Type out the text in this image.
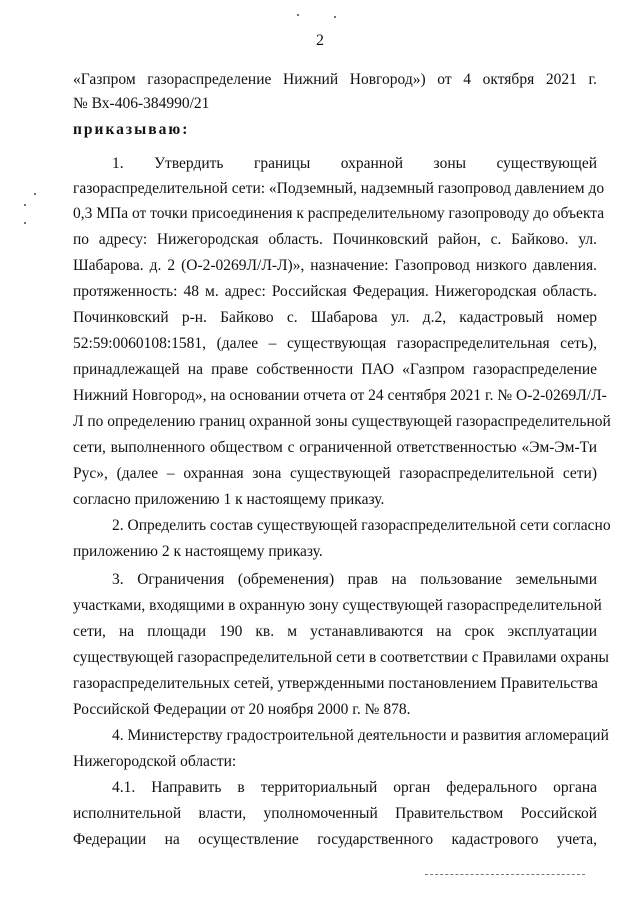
2
«Газпром газораспределение Нижний Новгород») от 4 октября 2021 г.
№ Вх-406-384990/21
приказываю:
1. Утвердить границы охранной зоны существующей
газораспределительной сети: «Подземный, надземный газопровод давлением до
0,3 МПа от точки присоединения к распределительному газопроводу до объекта
по адресу: Нижегородская область. Починковский район, с. Байково. ул.
Шабарова. д. 2 (О-2-0269Л/Л-Л)», назначение: Газопровод низкого давления.
протяженность: 48 м. адрес: Российская Федерация. Нижегородская область.
Починковский р-н. Байково с. Шабарова ул. д.2, кадастровый номер
52:59:0060108:1581, (далее – существующая газораспределительная сеть),
принадлежащей на праве собственности ПАО «Газпром газораспределение
Нижний Новгород», на основании отчета от 24 сентября 2021 г. № О-2-0269Л/Л-
Л по определению границ охранной зоны существующей газораспределительной
сети, выполненного обществом с ограниченной ответственностью «Эм-Эм-Ти
Рус», (далее – охранная зона существующей газораспределительной сети)
согласно приложению 1 к настоящему приказу.
2. Определить состав существующей газораспределительной сети согласно
приложению 2 к настоящему приказу.
3. Ограничения (обременения) прав на пользование земельными
участками, входящими в охранную зону существующей газораспределительной
сети, на площади 190 кв. м устанавливаются на срок эксплуатации
существующей газораспределительной сети в соответствии с Правилами охраны
газораспределительных сетей, утвержденными постановлением Правительства
Российской Федерации от 20 ноября 2000 г. № 878.
4. Министерству градостроительной деятельности и развития агломераций
Нижегородской области:
4.1. Направить в территориальный орган федерального органа
исполнительной власти, уполномоченный Правительством Российской
Федерации на осуществление государственного кадастрового учета,
